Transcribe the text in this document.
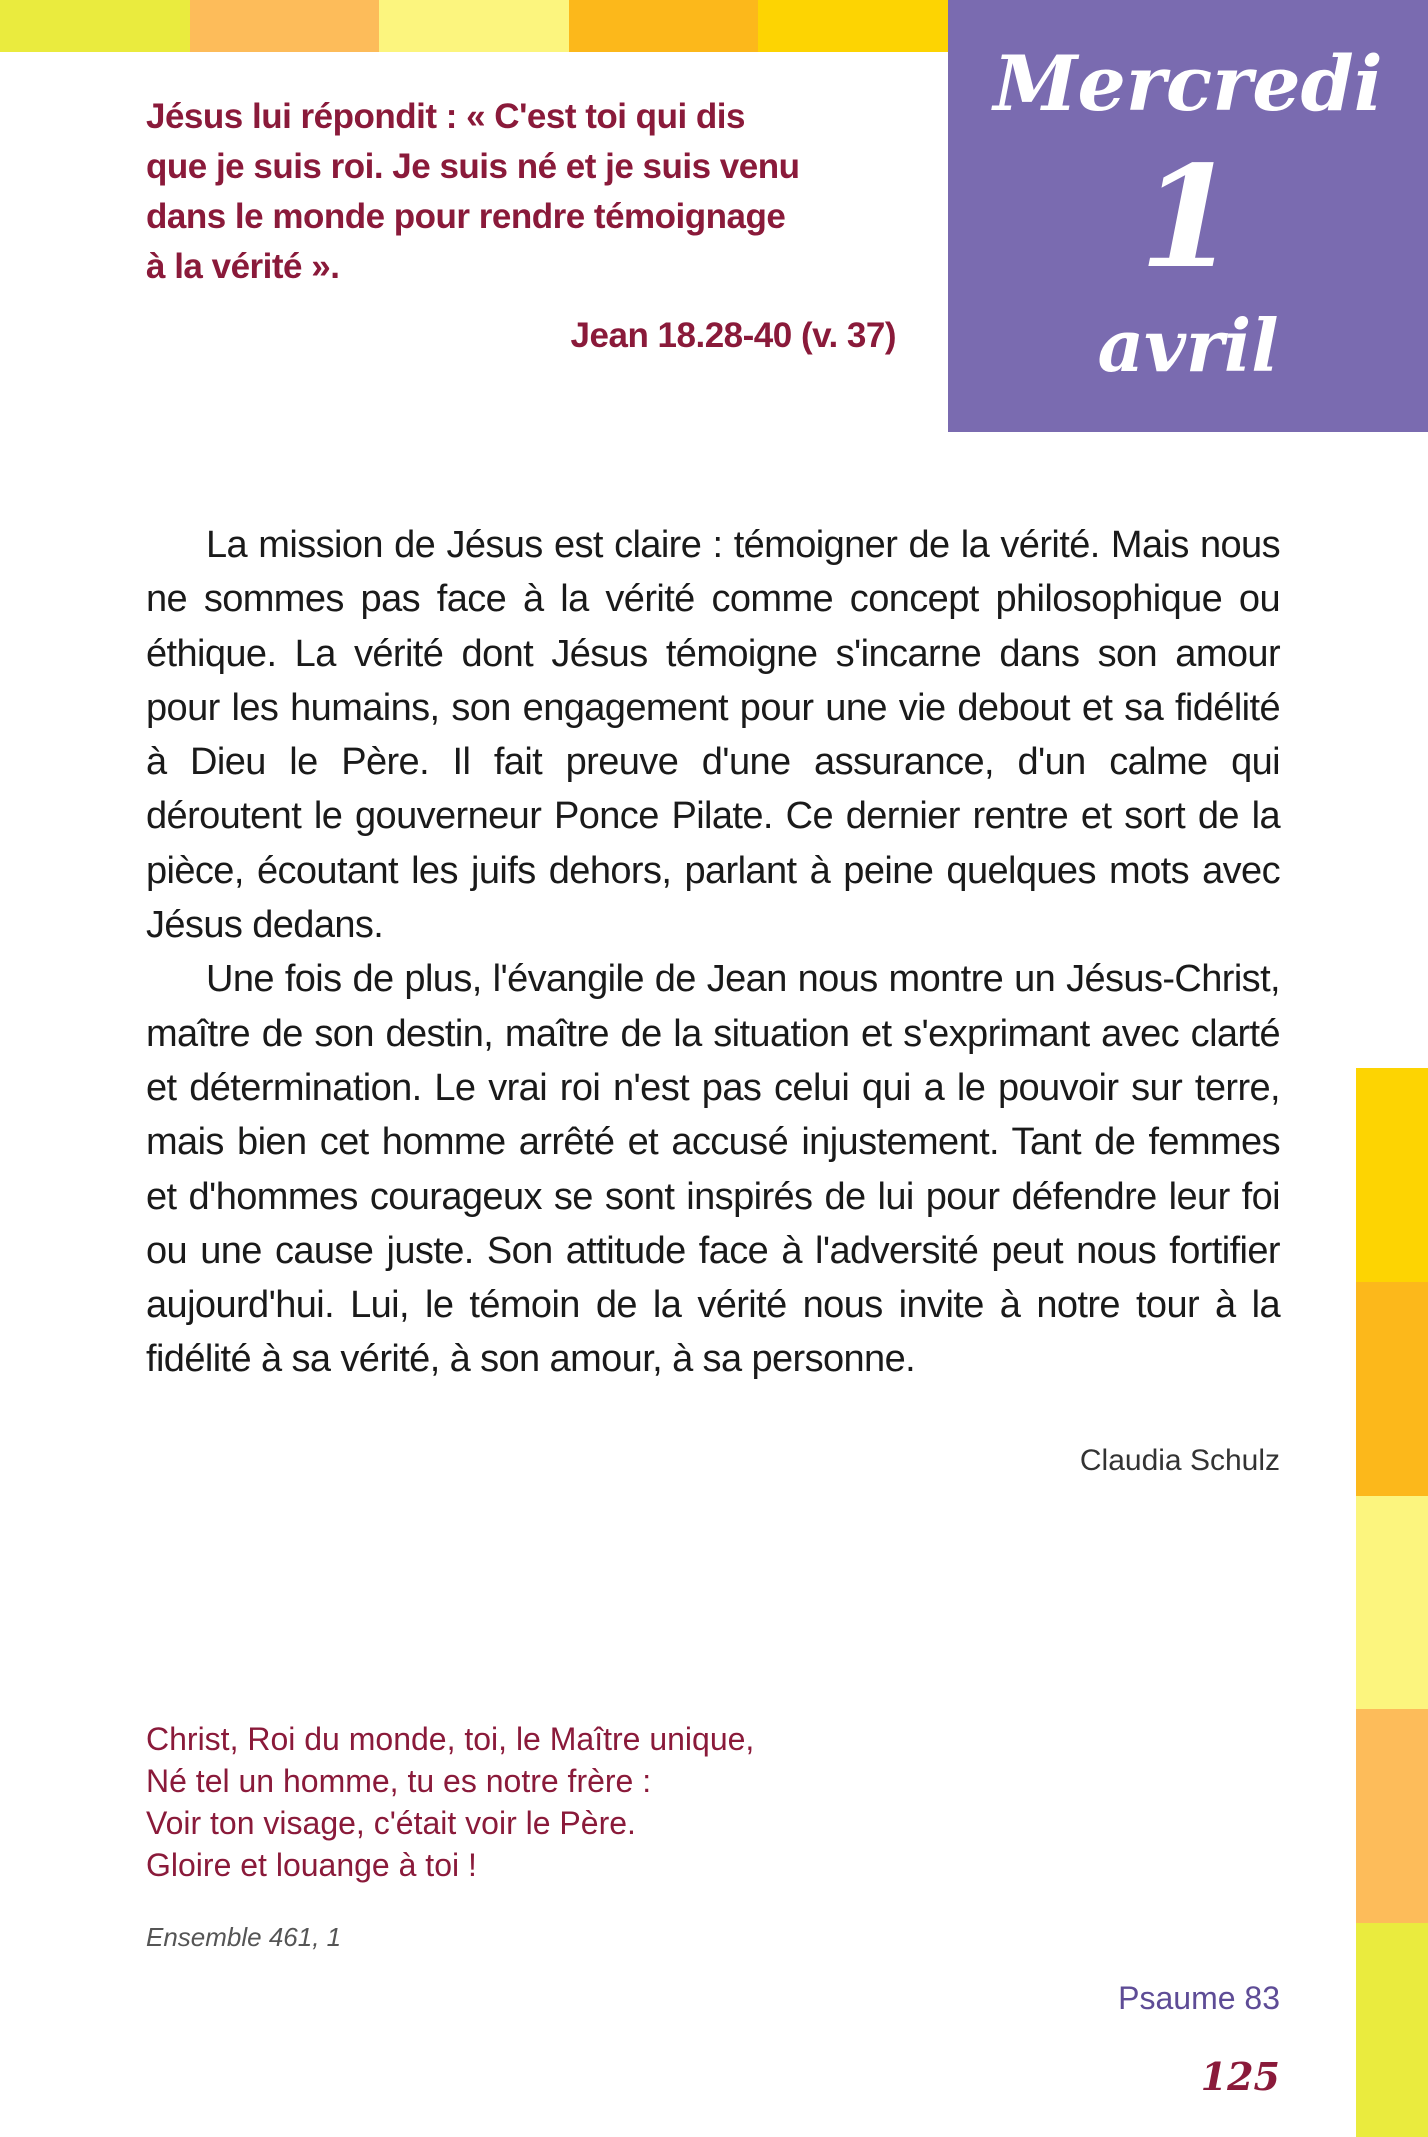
Mercredi
1
avril
Jésus lui répondit : « C'est toi qui dis
que je suis roi. Je suis né et je suis venu
dans le monde pour rendre témoignage
à la vérité ».
Jean 18.28-40 (v. 37)

La mission de Jésus est claire : témoigner de la vérité. Mais nous ne sommes pas face à la vérité comme concept philosophique ou éthique. La vérité dont Jésus témoigne s'incarne dans son amour pour les humains, son engagement pour une vie debout et sa fidélité à Dieu le Père. Il fait preuve d'une assurance, d'un calme qui déroutent le gouverneur Ponce Pilate. Ce dernier rentre et sort de la pièce, écoutant les juifs dehors, parlant à peine quelques mots avec Jésus dedans.

Une fois de plus, l'évangile de Jean nous montre un Jésus-Christ, maître de son destin, maître de la situation et s'exprimant avec clarté et détermination. Le vrai roi n'est pas celui qui a le pouvoir sur terre, mais bien cet homme arrêté et accusé injustement. Tant de femmes et d'hommes courageux se sont inspirés de lui pour défendre leur foi ou une cause juste. Son attitude face à l'adversité peut nous fortifier aujourd'hui. Lui, le témoin de la vérité nous invite à notre tour à la fidélité à sa vérité, à son amour, à sa personne.

Claudia Schulz
Christ, Roi du monde, toi, le Maître unique,
Né tel un homme, tu es notre frère :
Voir ton visage, c'était voir le Père.
Gloire et louange à toi !
Ensemble 461, 1
Psaume 83
125
